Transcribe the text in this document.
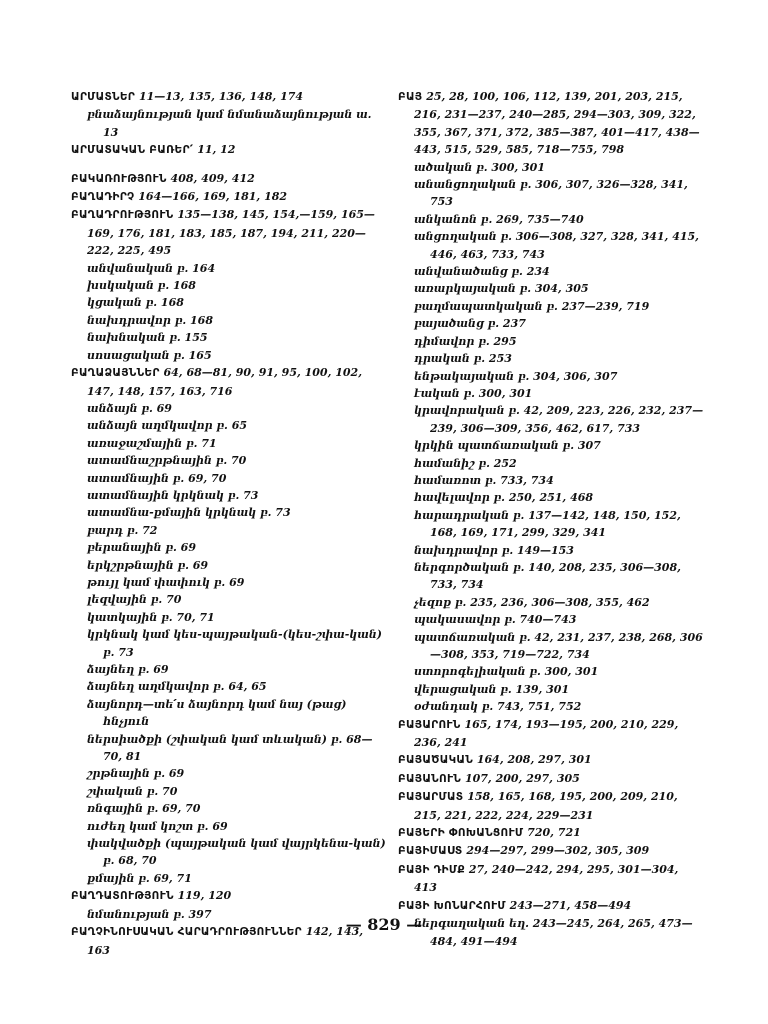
ԱՐՄԱՏՆԵՐ 11—13, 135, 136, 148, 174
բնաձայնության կամ նմանաձայնության ա. 13
ԱՐՄԱՏԱԿԱՆ ԲԱՌԵՐ՛ 11, 12
ԲԱԿԱՌՈՒԹՅՈՒՆ 408, 409, 412
ԲԱՂԱԴԻՐՉ 164—166, 169, 181, 182
ԲԱՂԱԴՐՈՒԹՅՈՒՆ 135—138, 145, 154,—159, 165—169, 176, 181, 183, 185, 187, 194, 211, 220—222, 225, 495
անվանական բ. 164
խսկական բ. 168
կցական բ. 168
նախդրավոր բ. 168
նախնական բ. 155
սոսացական բ. 165
ԲԱՂԱՁԱՅՆՆԵՐ 64, 68—81, 90, 91, 95, 100, 102, 147, 148, 157, 163, 716
անձայն բ. 69
անձայն աղմկավոր բ. 65
առաջաշմային բ. 71
ատամնաշրթնային բ. 70
ատամնային բ. 69, 70
ատամնային կրկնակ բ. 73
ատամնա-քմային կրկնակ բ. 73
բարդ բ. 72
բերանային բ. 69
երկշրթնային բ. 69
թույլ կամ փափուկ բ. 69
լեզվային բ. 70
կատկային բ. 70, 71
կրկնակ կամ կես-պայթական-(կես-շփա-կան) բ. 73
ձայնեղ բ. 69
ձայնեղ աղմկավոր բ. 64, 65
ձայնորդ—տե՛ս ձայնորդ կամ նայ (թաց) հնչյուն
ներսիածքի (շփական կամ տևական) բ. 68—70, 81
շրթնային բ. 69
շփական բ. 70
ռնգային բ. 69, 70
ուժեղ կամ կոշտ բ. 69
փակվածքի (պայթական կամ վայրկենա-կան) բ. 68, 70
քմային բ. 69, 71
ԲԱՂԴԱՏՈՒԹՅՈՒՆ 119, 120
նմանության բ. 397
ԲԱՂՉԻՆՈՒՍԱԿԱՆ ՀԱՐԱԴՐՈՒԹՅՈՒՆՆԵՐ 142, 143, 163
ԲԱՅ 25, 28, 100, 106, 112, 139, 201, 203, 215, 216, 231—237, 240—285, 294—303, 309, 322, 355, 367, 371, 372, 385—387, 401—417, 438—443, 515, 529, 585, 718—755, 798
ածական բ. 300, 301
անանցողական բ. 306, 307, 326—328, 341, 753
անկանոն բ. 269, 735—740
անցողական բ. 306—308, 327, 328, 341, 415, 446, 463, 733, 743
անվանածանց բ. 234
առարկայական բ. 304, 305
բաղմապատկական բ. 237—239, 719
բայածանց բ. 237
դիմավոր բ. 295
դրական բ. 253
ենթակայական բ. 304, 306, 307
էական բ. 300, 301
կրավորական բ. 42, 209, 223, 226, 232, 237—239, 306—309, 356, 462, 617, 733
կրկին պատճառական բ. 307
համանիշ բ. 252
համառոտ բ. 733, 734
հավելավոր բ. 250, 251, 468
հարադրական բ. 137—142, 148, 150, 152, 168, 169, 171, 299, 329, 341
նախդրավոր բ. 149—153
ներգործական բ. 140, 208, 235, 306—308, 733, 734
չեզոք բ. 235, 236, 306—308, 355, 462
պակասավոր բ. 740—743
պատճառական բ. 42, 231, 237, 238, 268, 306—308, 353, 719—722, 734
ստորոգելիական բ. 300, 301
վերացական բ. 139, 301
օժանդակ բ. 743, 751, 752
ԲԱՅԱՐՈՒՆ 165, 174, 193—195, 200, 210, 229, 236, 241
ԲԱՅԱԾԱԿԱՆ 164, 208, 297, 301
ԲԱՅԱՆՈՒՆ 107, 200, 297, 305
ԲԱՅԱՐՄԱՏ 158, 165, 168, 195, 200, 209, 210, 215, 221, 222, 224, 229—231
ԲԱՅԵՐԻ ՓՈԽԱՆՑՈՒՄ 720, 721
ԲԱՅԻՄԱՍՏ 294—297, 299—302, 305, 309
ԲԱՅԻ ԴԻՄՔ 27, 240—242, 294, 295, 301—304, 413
ԲԱՅԻ ԽՈՆԱՐՀՈՒՄ 243—271, 458—494
ներգաղական եղ. 243—245, 264, 265, 473—484, 491—494
— 829 —
